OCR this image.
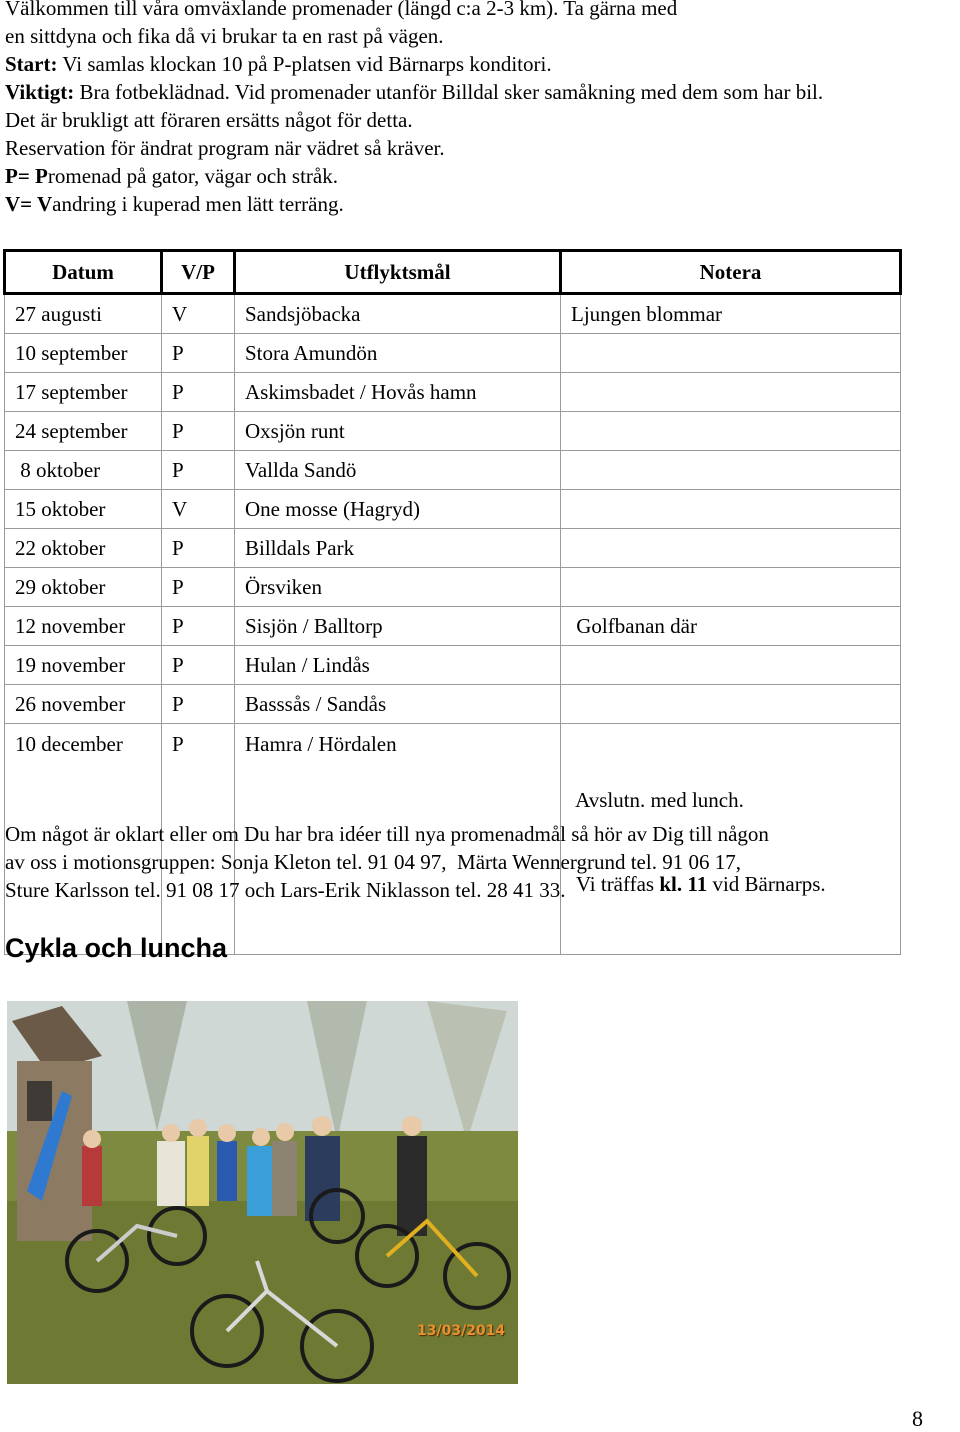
Välkommen till våra omväxlande promenader (längd c:a 2-3 km). Ta gärna med
en sittdyna och fika då vi brukar ta en rast på vägen.
Start: Vi samlas klockan 10 på P-platsen vid Bärnarps konditori.
Viktigt: Bra fotbeklädnad. Vid promenader utanför Billdal sker samåkning med dem som har bil.
Det är brukligt att föraren ersätts något för detta.
Reservation för ändrat program när vädret så kräver.
P= Promenad på gator, vägar och stråk.
V= Vandring i kuperad men lätt terräng.
Datum	V/P	Utflyktsmål	Notera
27 augusti	V	Sandsjöbacka	Ljungen blommar
10 september	P	Stora Amundön	
17 september	P	Askimsbadet / Hovås hamn	
24 september	P	Oxsjön runt	
8 oktober	P	Vallda Sandö	
15 oktober	V	One mosse (Hagryd)	
22 oktober	P	Billdals Park	
29 oktober	P	Örsviken	
12 november	P	Sisjön / Balltorp	Golfbanan där
19 november	P	Hulan / Lindås	
26 november	P	Basssås / Sandås	
10 december	P	Hamra / Hördalen	Avslutn. med lunch.

Vi träffas kl. 11 vid Bärnarps.

Om något är oklart eller om Du har bra idéer till nya promenadmål så hör av Dig till någon
av oss i motionsgruppen: Sonja Kleton tel. 91 04 97,  Märta Wennergrund tel. 91 06 17,
Sture Karlsson tel. 91 08 17 och Lars-Erik Niklasson tel. 28 41 33.
Cykla och luncha
13/03/2014
8
